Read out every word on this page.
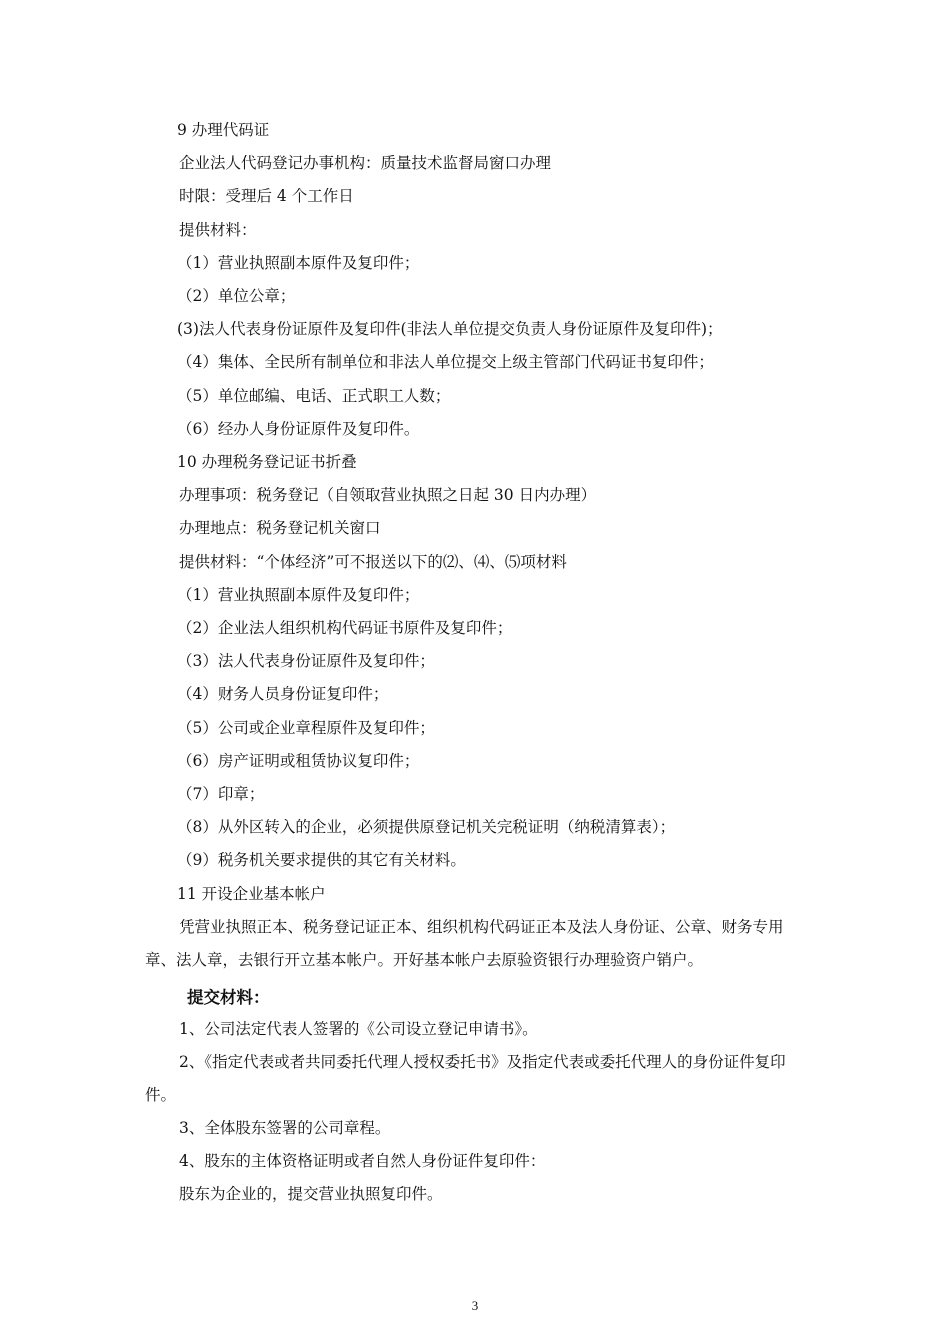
9 办理代码证
企业法人代码登记办事机构：质量技术监督局窗口办理
时限：受理后 4 个工作日
提供材料：
（1）营业执照副本原件及复印件；
（2）单位公章；
(3)法人代表身份证原件及复印件(非法人单位提交负责人身份证原件及复印件)；
（4）集体、全民所有制单位和非法人单位提交上级主管部门代码证书复印件；
（5）单位邮编、电话、正式职工人数；
（6）经办人身份证原件及复印件。
10 办理税务登记证书折叠
办理事项：税务登记（自领取营业执照之日起 30 日内办理）
办理地点：税务登记机关窗口
提供材料：“个体经济”可不报送以下的⑵、⑷、⑸项材料
（1）营业执照副本原件及复印件；
（2）企业法人组织机构代码证书原件及复印件；
（3）法人代表身份证原件及复印件；
（4）财务人员身份证复印件；
（5）公司或企业章程原件及复印件；
（6）房产证明或租赁协议复印件；
（7）印章；
（8）从外区转入的企业，必须提供原登记机关完税证明（纳税清算表）；
（9）税务机关要求提供的其它有关材料。
11 开设企业基本帐户
凭营业执照正本、税务登记证正本、组织机构代码证正本及法人身份证、公章、财务专用章、法人章，去银行开立基本帐户。开好基本帐户去原验资银行办理验资户销户。
提交材料：
1、公司法定代表人签署的《公司设立登记申请书》。
2、《指定代表或者共同委托代理人授权委托书》及指定代表或委托代理人的身份证件复印件。
3、全体股东签署的公司章程。
4、股东的主体资格证明或者自然人身份证件复印件：
股东为企业的，提交营业执照复印件。
3
